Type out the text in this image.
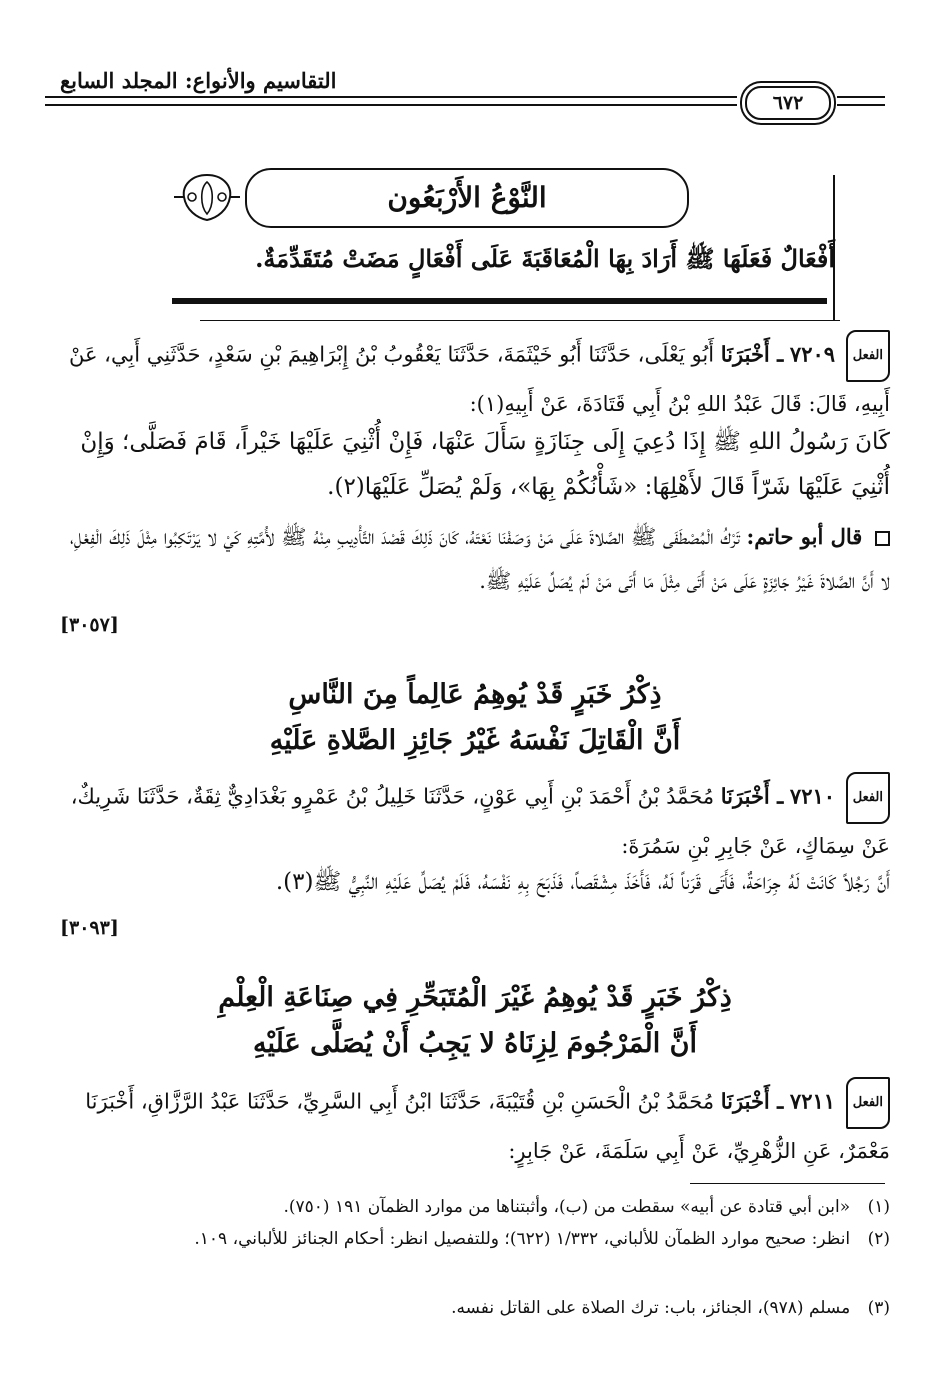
التقاسيم والأنواع: المجلد السابع
٦٧٢
النَّوْعُ الأَرْبَعُون
أَفْعَالٌ فَعَلَهَا ﷺ أَرَادَ بِهَا الْمُعَاقَبَةَ عَلَى أَفْعَالٍ مَضَتْ مُتَقَدِّمَةٌ.
الفعل ٧٢٠٩ ـ أَخْبَرَنَا أَبُو يَعْلَى، حَدَّثَنَا أَبُو خَيْثَمَةَ، حَدَّثَنَا يَعْقُوبُ بْنُ إِبْرَاهِيمَ بْنِ سَعْدٍ، حَدَّثَنِي أَبِي، عَنْ أَبِيهِ، قَالَ: قَالَ عَبْدُ اللهِ بْنُ أَبِي قَتَادَةَ، عَنْ أَبِيهِ(١):
كَانَ رَسُولُ اللهِ ﷺ إِذَا دُعِيَ إِلَى جِنَازَةٍ سَأَلَ عَنْهَا، فَإِنْ أُثْنِيَ عَلَيْهَا خَيْراً، قَامَ فَصَلَّى؛ وَإِنْ أُثْنِيَ عَلَيْهَا شَرّاً قَالَ لأَهْلِهَا: «شَأْنُكُمْ بِهَا»، وَلَمْ يُصَلِّ عَلَيْهَا(٢).
قال أبو حاتم: تَرْكُ الْمُصْطَفَى ﷺ الصَّلاةَ عَلَى مَنْ وَصَفْنَا نَعْتَهُ، كَانَ ذَلِكَ قَصْدَ التَّأْدِيبِ مِنْهُ ﷺ لأُمَّتِهِ كَيْ لا يَرْتَكِبُوا مِثْلَ ذَلِكَ الْفِعْلِ، لا أَنَّ الصَّلاةَ غَيْرُ جَائِزَةٍ عَلَى مَنْ أَتَى مِثْلَ مَا أَتَى مَنْ لَمْ يُصَلِّ عَلَيْهِ ﷺ.
[٣٠٥٧]
ذِكْرُ خَبَرٍ قَدْ يُوهِمُ عَالِماً مِنَ النَّاسِ
أَنَّ الْقَاتِلَ نَفْسَهُ غَيْرُ جَائِزِ الصَّلاةِ عَلَيْهِ
الفعل ٧٢١٠ ـ أَخْبَرَنَا مُحَمَّدُ بْنُ أَحْمَدَ بْنِ أَبِي عَوْنٍ، حَدَّثَنَا خَلِيلُ بْنُ عَمْرٍو بَغْدَادِيٌّ ثِقَةٌ، حَدَّثَنَا شَرِيكٌ، عَنْ سِمَاكٍ، عَنْ جَابِرِ بْنِ سَمُرَةَ:
أَنَّ رَجُلاً كَانَتْ لَهُ جِرَاحَةٌ، فَأَتَى قَرَناً لَهُ، فَأَخَذَ مِشْقَصاً، فَذَبَحَ بِهِ نَفْسَهُ، فَلَمْ يُصَلِّ عَلَيْهِ النَّبِيُّ ﷺ(٣).
[٣٠٩٣]
ذِكْرُ خَبَرٍ قَدْ يُوهِمُ غَيْرَ الْمُتَبَحِّرِ فِي صِنَاعَةِ الْعِلْمِ
أَنَّ الْمَرْجُومَ لِزِنَاهُ لا يَجِبُ أَنْ يُصَلَّى عَلَيْهِ
الفعل ٧٢١١ ـ أَخْبَرَنَا مُحَمَّدُ بْنُ الْحَسَنِ بْنِ قُتَيْبَةَ، حَدَّثَنَا ابْنُ أَبِي السَّرِيِّ، حَدَّثَنَا عَبْدُ الرَّزَّاقِ، أَخْبَرَنَا مَعْمَرٌ، عَنِ الزُّهْرِيِّ، عَنْ أَبِي سَلَمَةَ، عَنْ جَابِرٍ:
(١) «ابن أبي قتادة عن أبيه» سقطت من (ب)، وأثبتناها من موارد الظمآن ١٩١ (٧٥٠).
(٢) انظر: صحيح موارد الظمآن للألباني، ١/٣٣٢ (٦٢٢)؛ وللتفصيل انظر: أحكام الجنائز للألباني، ١٠٩.
(٣) مسلم (٩٧٨)، الجنائز، باب: ترك الصلاة على القاتل نفسه.
